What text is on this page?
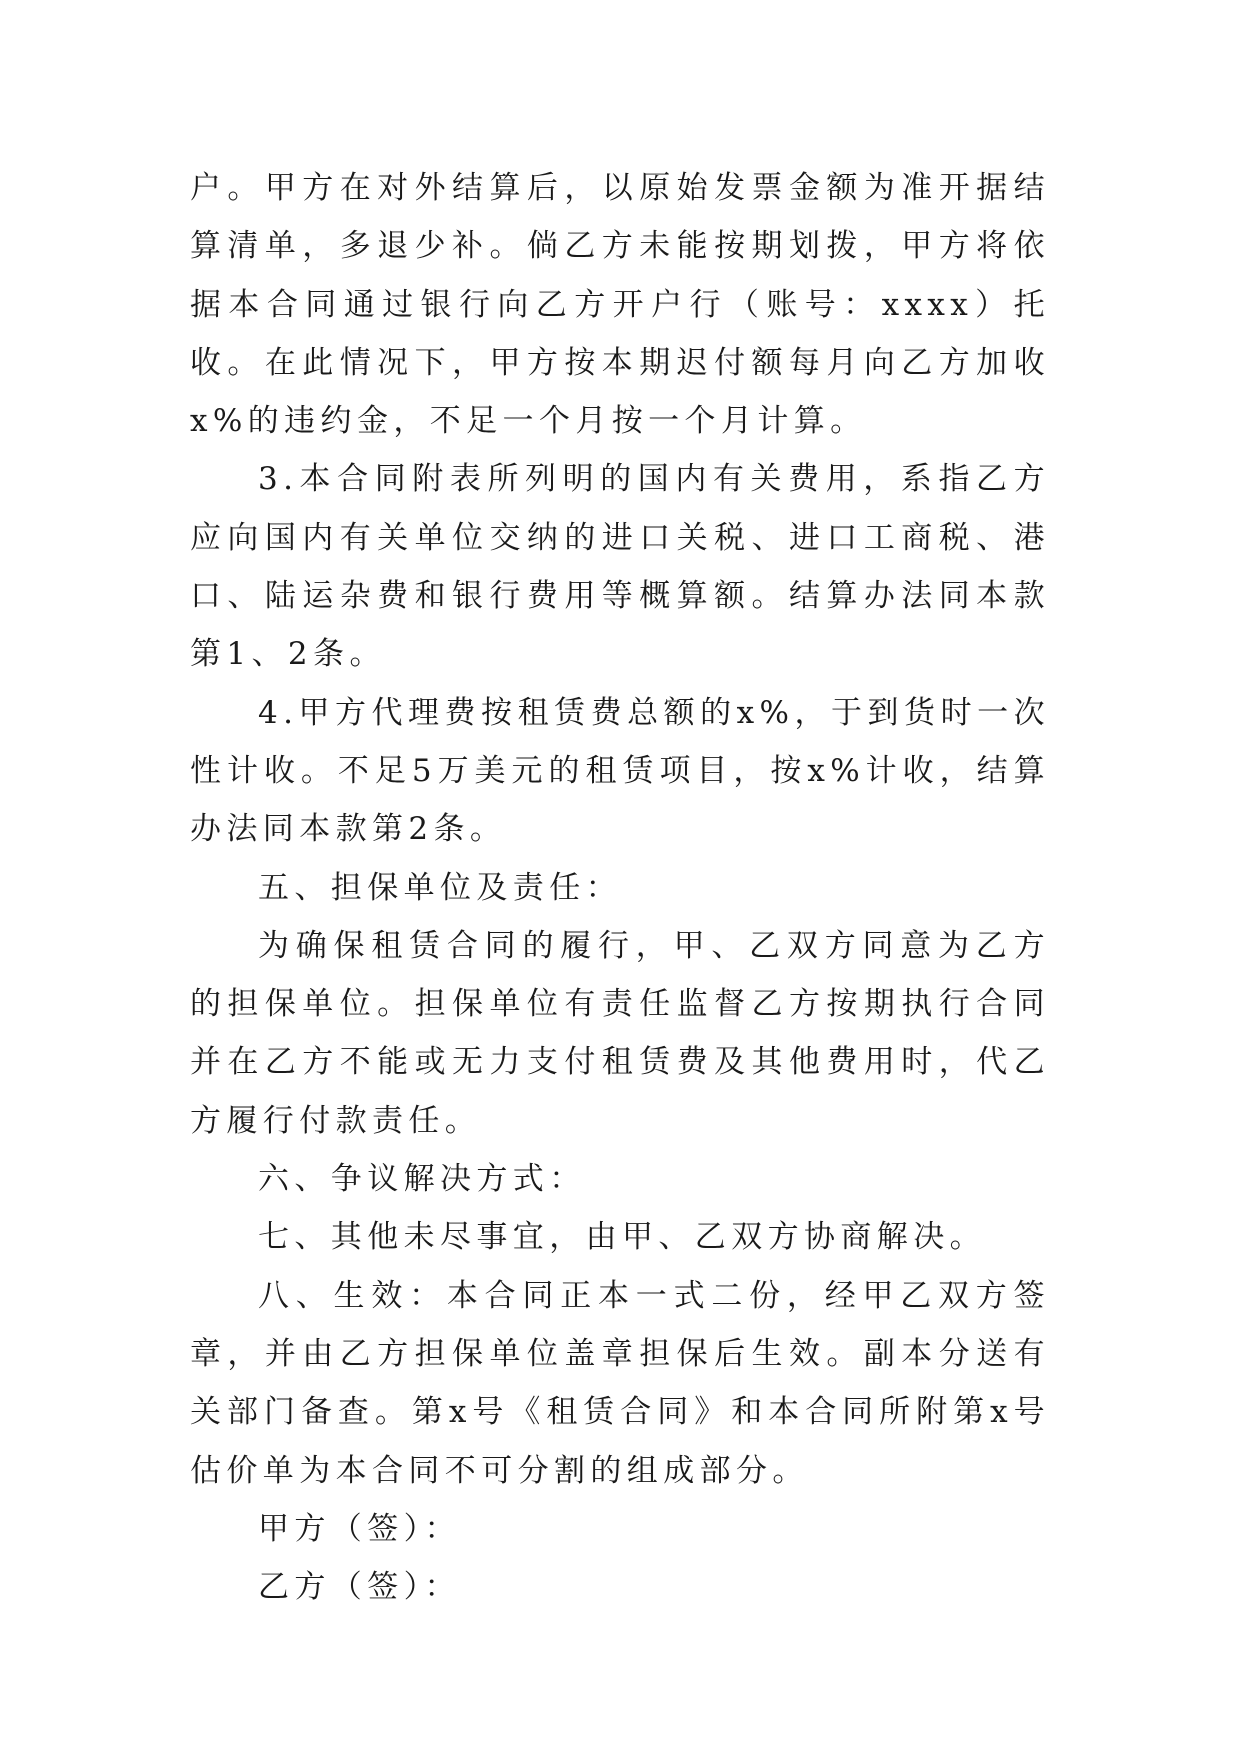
户。甲方在对外结算后，以原始发票金额为准开据结算清单，多退少补。倘乙方未能按期划拨，甲方将依据本合同通过银行向乙方开户行（账号：xxxx）托收。在此情况下，甲方按本期迟付额每月向乙方加收x%的违约金，不足一个月按一个月计算。

3.本合同附表所列明的国内有关费用，系指乙方应向国内有关单位交纳的进口关税、进口工商税、港口、陆运杂费和银行费用等概算额。结算办法同本款第1、2条。

4.甲方代理费按租赁费总额的x%，于到货时一次性计收。不足5万美元的租赁项目，按x%计收，结算办法同本款第2条。

五、担保单位及责任：

为确保租赁合同的履行，甲、乙双方同意为乙方的担保单位。担保单位有责任监督乙方按期执行合同并在乙方不能或无力支付租赁费及其他费用时，代乙方履行付款责任。

六、争议解决方式：

七、其他未尽事宜，由甲、乙双方协商解决。

八、生效：本合同正本一式二份，经甲乙双方签章，并由乙方担保单位盖章担保后生效。副本分送有关部门备查。第x号《租赁合同》和本合同所附第x号估价单为本合同不可分割的组成部分。

甲方（签）：

乙方（签）：
